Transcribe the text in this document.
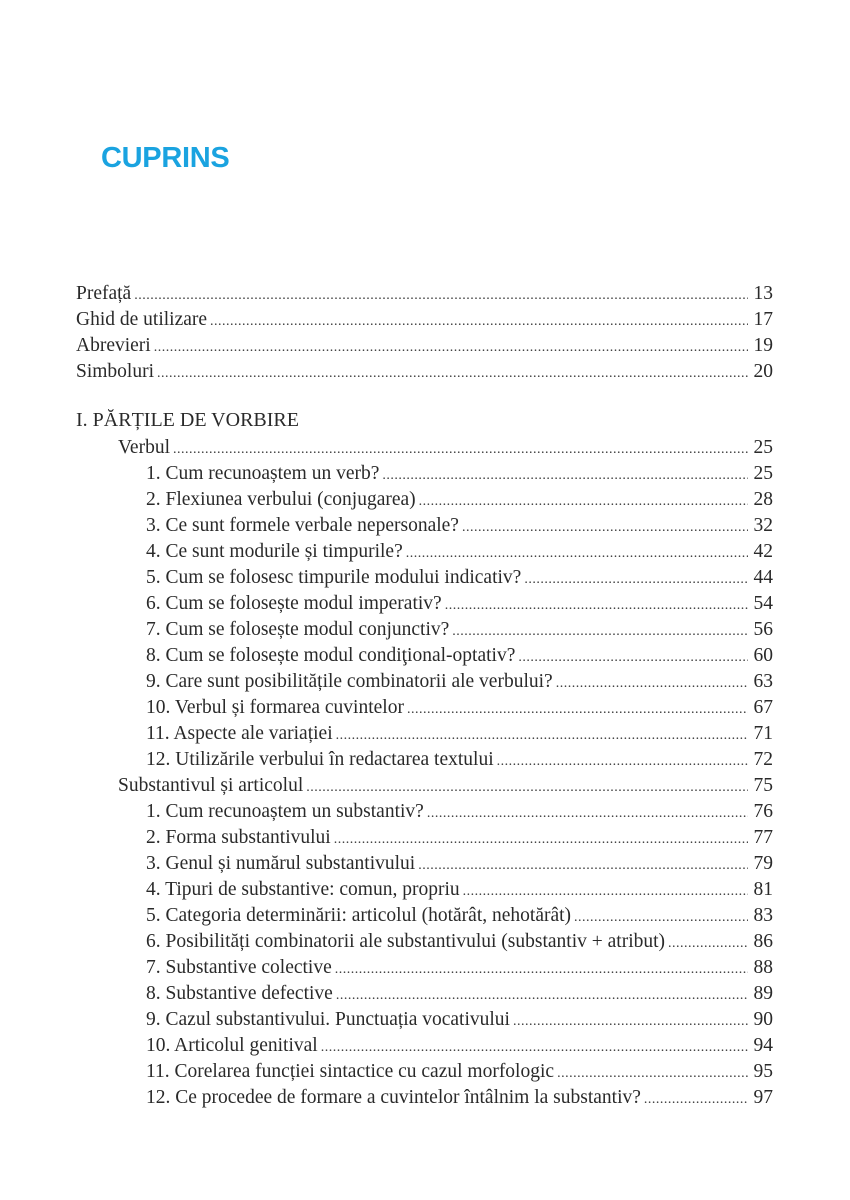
CUPRINS
Prefață .....	13
Ghid de utilizare .....	17
Abrevieri .....	19
Simboluri .....	20
I. PĂRȚILE DE VORBIRE
Verbul .....	25
1. Cum recunoaștem un verb? .....	25
2. Flexiunea verbului (conjugarea) .....	28
3. Ce sunt formele verbale nepersonale? .....	32
4. Ce sunt modurile și timpurile? .....	42
5. Cum se folosesc timpurile modului indicativ? .....	44
6. Cum se folosește modul imperativ? .....	54
7. Cum se folosește modul conjunctiv? .....	56
8. Cum se folosește modul condiţional-optativ? .....	60
9. Care sunt posibilitățile combinatorii ale verbului? .....	63
10. Verbul și formarea cuvintelor .....	67
11. Aspecte ale variației .....	71
12. Utilizările verbului în redactarea textului .....	72
Substantivul și articolul .....	75
1. Cum recunoaștem un substantiv? .....	76
2. Forma substantivului .....	77
3. Genul și numărul substantivului .....	79
4. Tipuri de substantive: comun, propriu .....	81
5. Categoria determinării: articolul (hotărât, nehotărât) .....	83
6. Posibilități combinatorii ale substantivului (substantiv + atribut) .....	86
7. Substantive colective .....	88
8. Substantive defective .....	89
9. Cazul substantivului. Punctuația vocativului .....	90
10. Articolul genitival .....	94
11. Corelarea funcției sintactice cu cazul morfologic .....	95
12. Ce procedee de formare a cuvintelor întâlnim la substantiv? .....	97
